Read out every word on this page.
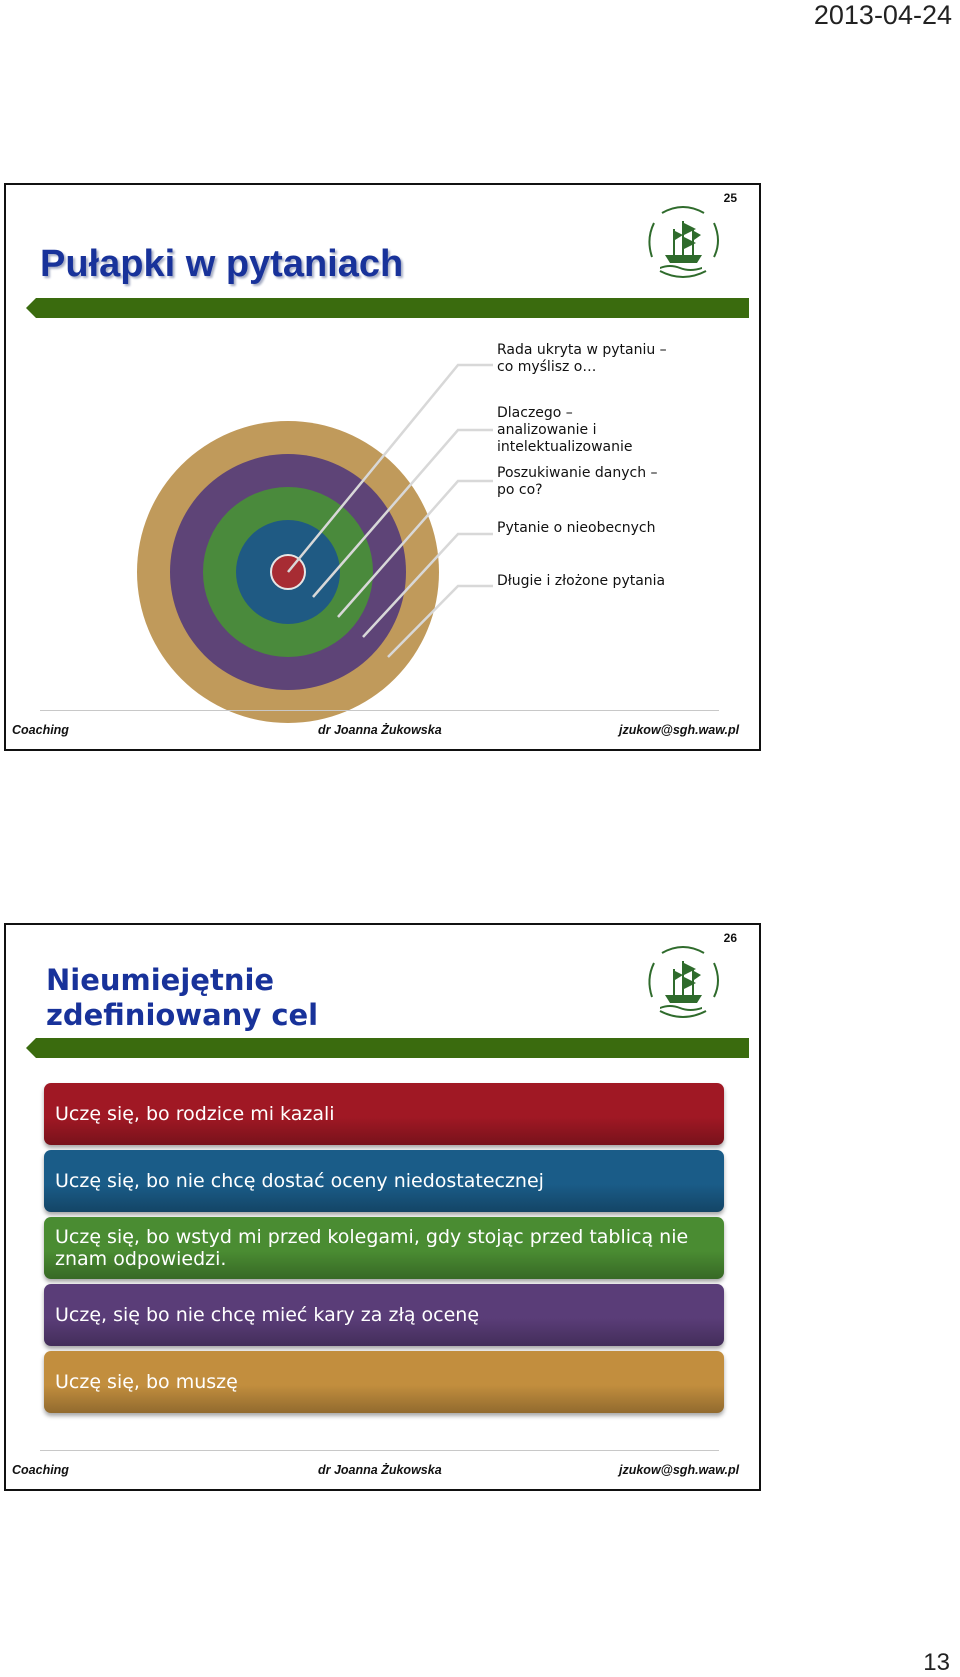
2013-04-24
25
Pułapki w pytaniach
Rada ukryta w pytaniu – co myślisz o…
Dlaczego – analizowanie i intelektualizowanie
Poszukiwanie danych – po co?
Pytanie o nieobecnych
Długie i złożone pytania
Coaching	dr Joanna Żukowska	jzukow@sgh.waw.pl
26
Nieumiejętnie
zdefiniowany cel
Uczę się, bo rodzice mi kazali
Uczę się, bo nie chcę dostać oceny niedostatecznej
Uczę się, bo wstyd mi przed kolegami, gdy stojąc przed tablicą nie znam odpowiedzi.
Uczę, się bo nie chcę mieć kary za złą ocenę
Uczę się, bo muszę
Coaching	dr Joanna Żukowska	jzukow@sgh.waw.pl
13
